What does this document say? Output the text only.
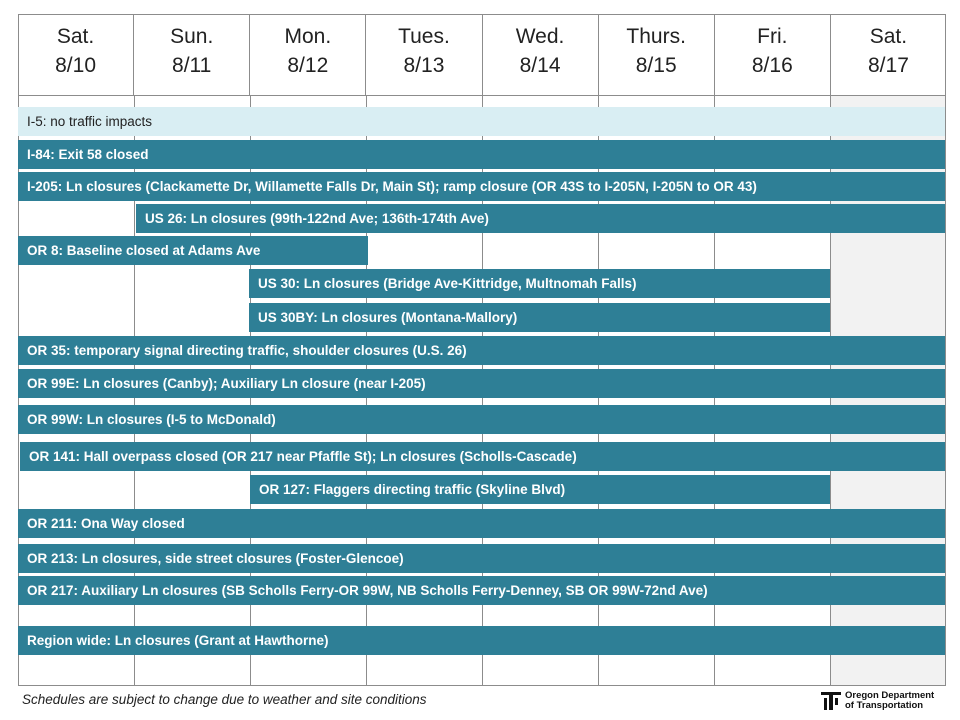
Sat.
8/10
Sun.
8/11
Mon.
8/12
Tues.
8/13
Wed.
8/14
Thurs.
8/15
Fri.
8/16
Sat.
8/17
I-5: no traffic impacts
I-84: Exit 58 closed
I-205: Ln closures (Clackamette Dr, Willamette Falls Dr, Main St); ramp closure (OR 43S to I-205N, I-205N to OR 43)
US 26: Ln closures (99th-122nd Ave; 136th-174th Ave)
OR 8: Baseline closed at Adams Ave
US 30: Ln closures (Bridge Ave-Kittridge, Multnomah Falls)
US 30BY: Ln closures (Montana-Mallory)
OR 35: temporary signal directing traffic, shoulder closures (U.S. 26)
OR 99E: Ln closures (Canby); Auxiliary Ln closure (near I-205)
OR 99W: Ln closures (I-5 to McDonald)
OR 141: Hall overpass closed (OR 217 near Pfaffle St); Ln closures (Scholls-Cascade)
OR 127: Flaggers directing traffic (Skyline Blvd)
OR 211: Ona Way closed
OR 213: Ln closures, side street closures (Foster-Glencoe)
OR 217: Auxiliary Ln closures (SB Scholls Ferry-OR 99W, NB Scholls Ferry-Denney, SB OR 99W-72nd Ave)
Region wide: Ln closures (Grant at Hawthorne)
Schedules are subject to change due to weather and site conditions	Oregon Department
of Transportation
